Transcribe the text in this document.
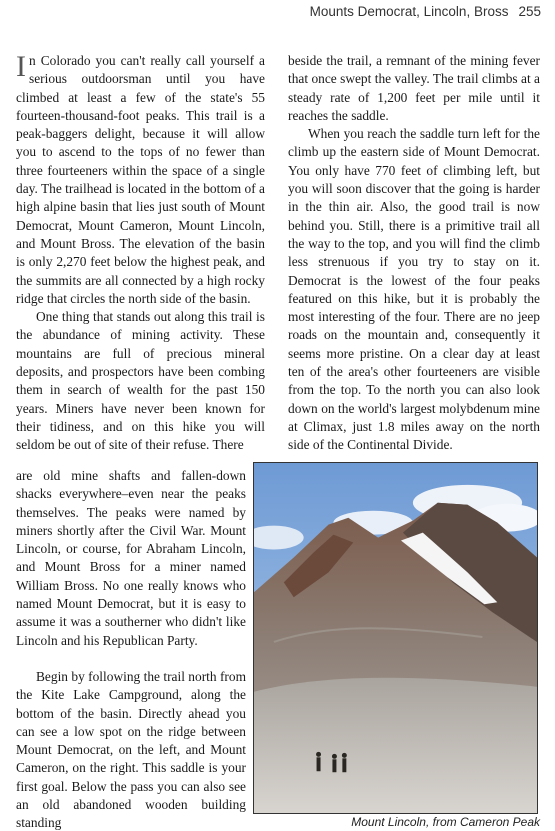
Mounts Democrat, Lincoln, Bross 255

In Colorado you can't really call yourself a serious outdoorsman until you have climbed at least a few of the state's 55 fourteen-thousand-foot peaks. This trail is a peak-baggers delight, because it will allow you to ascend to the tops of no fewer than three fourteeners within the space of a single day. The trailhead is located in the bottom of a high alpine basin that lies just south of Mount Democrat, Mount Cameron, Mount Lincoln, and Mount Bross. The elevation of the basin is only 2,270 feet below the highest peak, and the summits are all connected by a high rocky ridge that circles the north side of the basin.

One thing that stands out along this trail is the abundance of mining activity. These mountains are full of precious mineral deposits, and prospectors have been combing them in search of wealth for the past 150 years. Miners have never been known for their tidiness, and on this hike you will seldom be out of site of their refuse. There

are old mine shafts and fallen-down shacks everywhere–even near the peaks themselves. The peaks were named by miners shortly after the Civil War. Mount Lincoln, or course, for Abraham Lincoln, and Mount Bross for a miner named William Bross. No one really knows who named Mount Democrat, but it is easy to assume it was a southerner who didn't like Lincoln and his Republican Party.

Begin by following the trail north from the Kite Lake Campground, along the bottom of the basin. Directly ahead you can see a low spot on the ridge between Mount Democrat, on the left, and Mount Cameron, on the right. This saddle is your first goal. Below the pass you can also see an old abandoned wooden building standing

beside the trail, a remnant of the mining fever that once swept the valley. The trail climbs at a steady rate of 1,200 feet per mile until it reaches the saddle.

When you reach the saddle turn left for the climb up the eastern side of Mount Democrat. You only have 770 feet of climbing left, but you will soon discover that the going is harder in the thin air. Also, the good trail is now behind you. Still, there is a primitive trail all the way to the top, and you will find the climb less strenuous if you try to stay on it. Democrat is the lowest of the four peaks featured on this hike, but it is probably the most interesting of the four. There are no jeep roads on the mountain and, consequently it seems more pristine. On a clear day at least ten of the area's other fourteeners are visible from the top. To the north you can also look down on the world's largest molybdenum mine at Climax, just 1.8 miles away on the north side of the Continental Divide.

Mount Lincoln, from Cameron Peak
